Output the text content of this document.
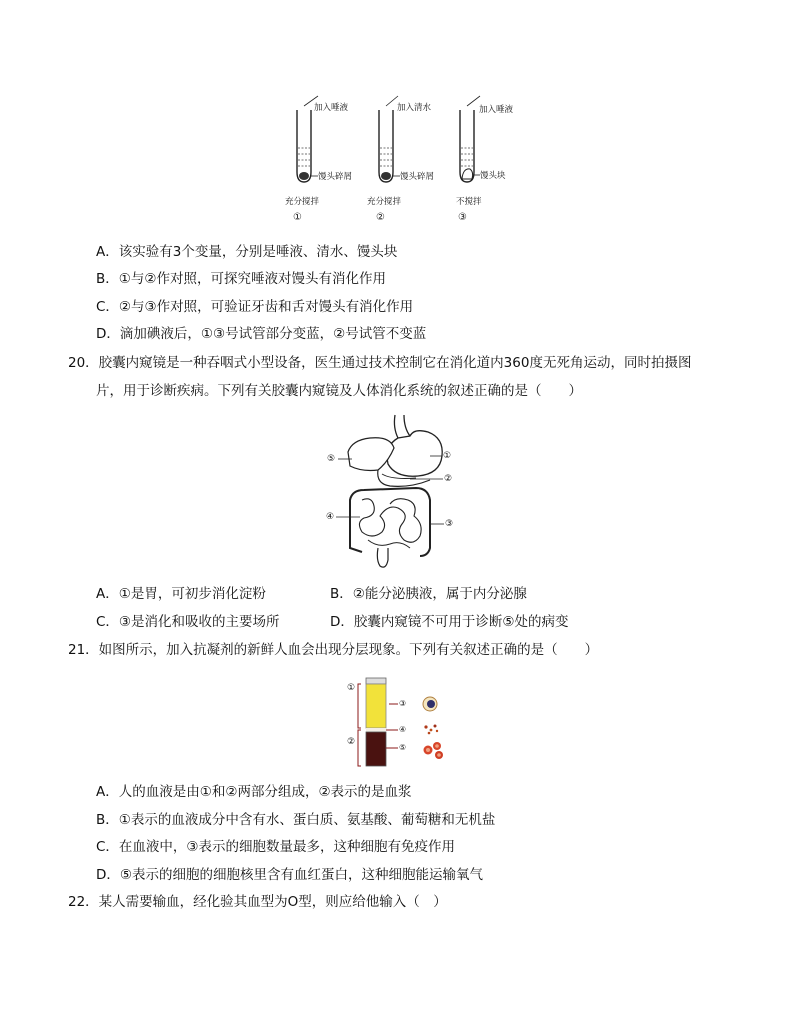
加入唾液	加入清水	加入唾液
馒头碎屑	馒头碎屑	馒头块
充分搅拌	充分搅拌	不搅拌
①	②	③
A．该实验有3个变量，分别是唾液、清水、馒头块
B．①与②作对照，可探究唾液对馒头有消化作用
C．②与③作对照，可验证牙齿和舌对馒头有消化作用
D．滴加碘液后，①③号试管部分变蓝，②号试管不变蓝
20．胶囊内窥镜是一种吞咽式小型设备，医生通过技术控制它在消化道内360度无死角运动，同时拍摄图
片，用于诊断疾病。下列有关胶囊内窥镜及人体消化系统的叙述正确的是（　　）
⑤	①
②
④
③
A．①是胃，可初步消化淀粉	B．②能分泌胰液，属于内分泌腺
C．③是消化和吸收的主要场所	D．胶囊内窥镜不可用于诊断⑤处的病变
21．如图所示，加入抗凝剂的新鲜人血会出现分层现象。下列有关叙述正确的是（　　）
①
②
③
④
⑤
A．人的血液是由①和②两部分组成，②表示的是血浆
B．①表示的血液成分中含有水、蛋白质、氨基酸、葡萄糖和无机盐
C．在血液中，③表示的细胞数量最多，这种细胞有免疫作用
D．⑤表示的细胞的细胞核里含有血红蛋白，这种细胞能运输氧气
22．某人需要输血，经化验其血型为O型，则应给他输入（　）
